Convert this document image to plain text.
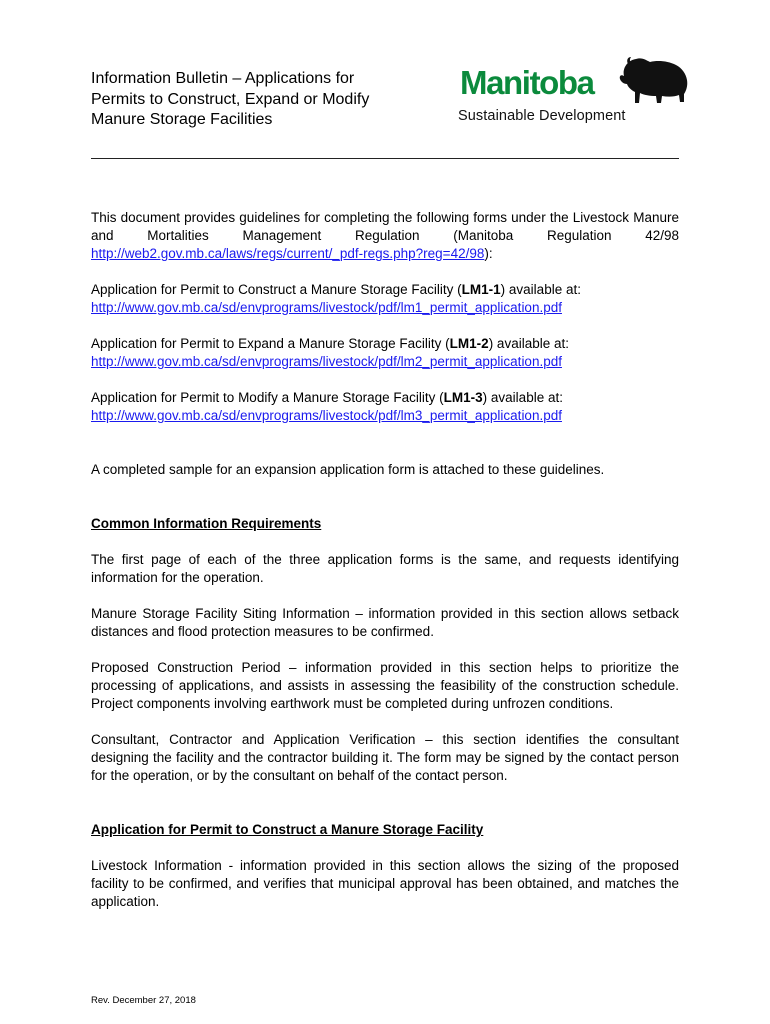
Information Bulletin – Applications for
Permits to Construct, Expand or Modify
Manure Storage Facilities
Manitoba
Sustainable Development

This document provides guidelines for completing the following forms under the Livestock Manure and Mortalities Management Regulation (Manitoba Regulation 42/98 http://web2.gov.mb.ca/laws/regs/current/_pdf-regs.php?reg=42/98):

Application for Permit to Construct a Manure Storage Facility (LM1-1) available at:
http://www.gov.mb.ca/sd/envprograms/livestock/pdf/lm1_permit_application.pdf

Application for Permit to Expand a Manure Storage Facility (LM1-2) available at:
http://www.gov.mb.ca/sd/envprograms/livestock/pdf/lm2_permit_application.pdf

Application for Permit to Modify a Manure Storage Facility (LM1-3) available at:
http://www.gov.mb.ca/sd/envprograms/livestock/pdf/lm3_permit_application.pdf

A completed sample for an expansion application form is attached to these guidelines.

Common Information Requirements

The first page of each of the three application forms is the same, and requests identifying information for the operation.

Manure Storage Facility Siting Information – information provided in this section allows setback distances and flood protection measures to be confirmed.

Proposed Construction Period – information provided in this section helps to prioritize the processing of applications, and assists in assessing the feasibility of the construction schedule. Project components involving earthwork must be completed during unfrozen conditions.

Consultant, Contractor and Application Verification – this section identifies the consultant designing the facility and the contractor building it. The form may be signed by the contact person for the operation, or by the consultant on behalf of the contact person.

Application for Permit to Construct a Manure Storage Facility

Livestock Information - information provided in this section allows the sizing of the proposed facility to be confirmed, and verifies that municipal approval has been obtained, and matches the application.

Rev. December 27, 2018
